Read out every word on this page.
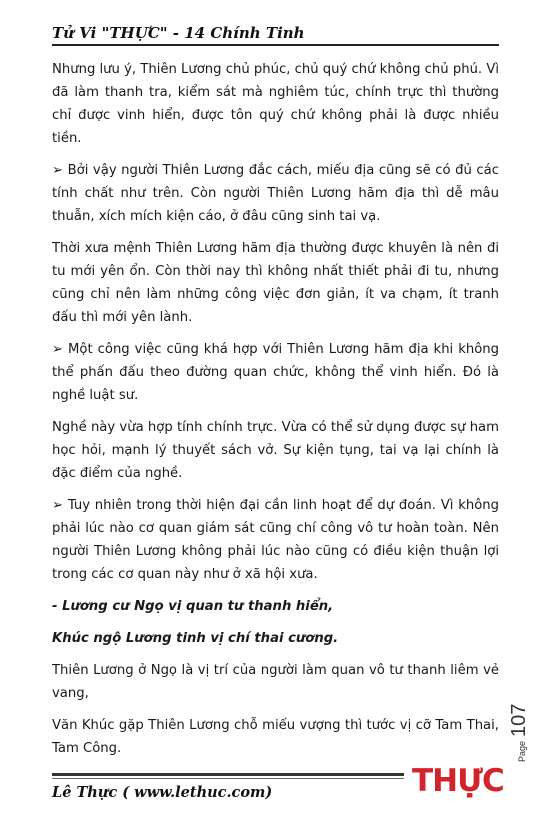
Tử Vi "THỰC" - 14 Chính Tinh

Nhưng lưu ý, Thiên Lương chủ phúc, chủ quý chứ không chủ phú. Vì đã làm thanh tra, kiểm sát mà nghiêm túc, chính trực thì thường chỉ được vinh hiển, được tôn quý chứ không phải là được nhiều tiền.

➢ Bởi vậy người Thiên Lương đắc cách, miếu địa cũng sẽ có đủ các tính chất như trên. Còn người Thiên Lương hãm địa thì dễ mâu thuẫn, xích mích kiện cáo, ở đâu cũng sinh tai vạ.

Thời xưa mệnh Thiên Lương hãm địa thường được khuyên là nên đi tu mới yên ổn. Còn thời nay thì không nhất thiết phải đi tu, nhưng cũng chỉ nên làm những công việc đơn giản, ít va chạm, ít tranh đấu thì mới yên lành.

➢ Một công việc cũng khá hợp với Thiên Lương hãm địa khi không thể phấn đấu theo đường quan chức, không thể vinh hiển. Đó là nghề luật sư.

Nghề này vừa hợp tính chính trực. Vừa có thể sử dụng được sự ham học hỏi, mạnh lý thuyết sách vở. Sự kiện tụng, tai vạ lại chính là đặc điểm của nghề.

➢ Tuy nhiên trong thời hiện đại cần linh hoạt để dự đoán. Vì không phải lúc nào cơ quan giám sát cũng chí công vô tư hoàn toàn. Nên người Thiên Lương không phải lúc nào cũng có điều kiện thuận lợi trong các cơ quan này như ở xã hội xưa.

- Lương cư Ngọ vị quan tư thanh hiển,

Khúc ngộ Lương tinh vị chí thai cương.

Thiên Lương ở Ngọ là vị trí của người làm quan vô tư thanh liêm vẻ vang,

Văn Khúc gặp Thiên Lương chỗ miếu vượng thì tước vị cỡ Tam Thai, Tam Công.	Page107
Lê Thực ( www.lethuc.com)	THỰC
